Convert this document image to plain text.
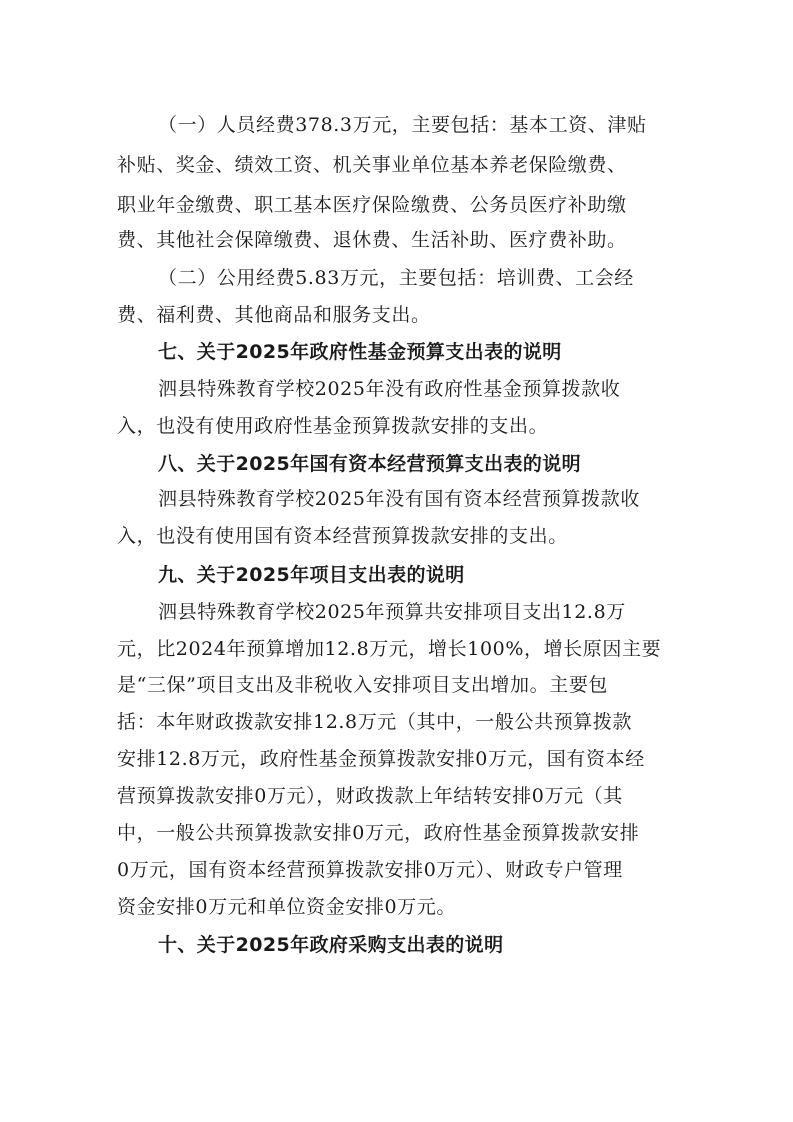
（一）人员经费378.3万元，主要包括：基本工资、津贴
补贴、奖金、绩效工资、机关事业单位基本养老保险缴费、
职业年金缴费、职工基本医疗保险缴费、公务员医疗补助缴
费、其他社会保障缴费、退休费、生活补助、医疗费补助。
（二）公用经费5.83万元，主要包括：培训费、工会经
费、福利费、其他商品和服务支出。
七、关于2025年政府性基金预算支出表的说明
泗县特殊教育学校2025年没有政府性基金预算拨款收
入，也没有使用政府性基金预算拨款安排的支出。
八、关于2025年国有资本经营预算支出表的说明
泗县特殊教育学校2025年没有国有资本经营预算拨款收
入，也没有使用国有资本经营预算拨款安排的支出。
九、关于2025年项目支出表的说明
泗县特殊教育学校2025年预算共安排项目支出12.8万
元，比2024年预算增加12.8万元，增长100%，增长原因主要
是“三保”项目支出及非税收入安排项目支出增加。主要包
括：本年财政拨款安排12.8万元（其中，一般公共预算拨款
安排12.8万元，政府性基金预算拨款安排0万元，国有资本经
营预算拨款安排0万元），财政拨款上年结转安排0万元（其
中，一般公共预算拨款安排0万元，政府性基金预算拨款安排
0万元，国有资本经营预算拨款安排0万元）、财政专户管理
资金安排0万元和单位资金安排0万元。
十、关于2025年政府采购支出表的说明
